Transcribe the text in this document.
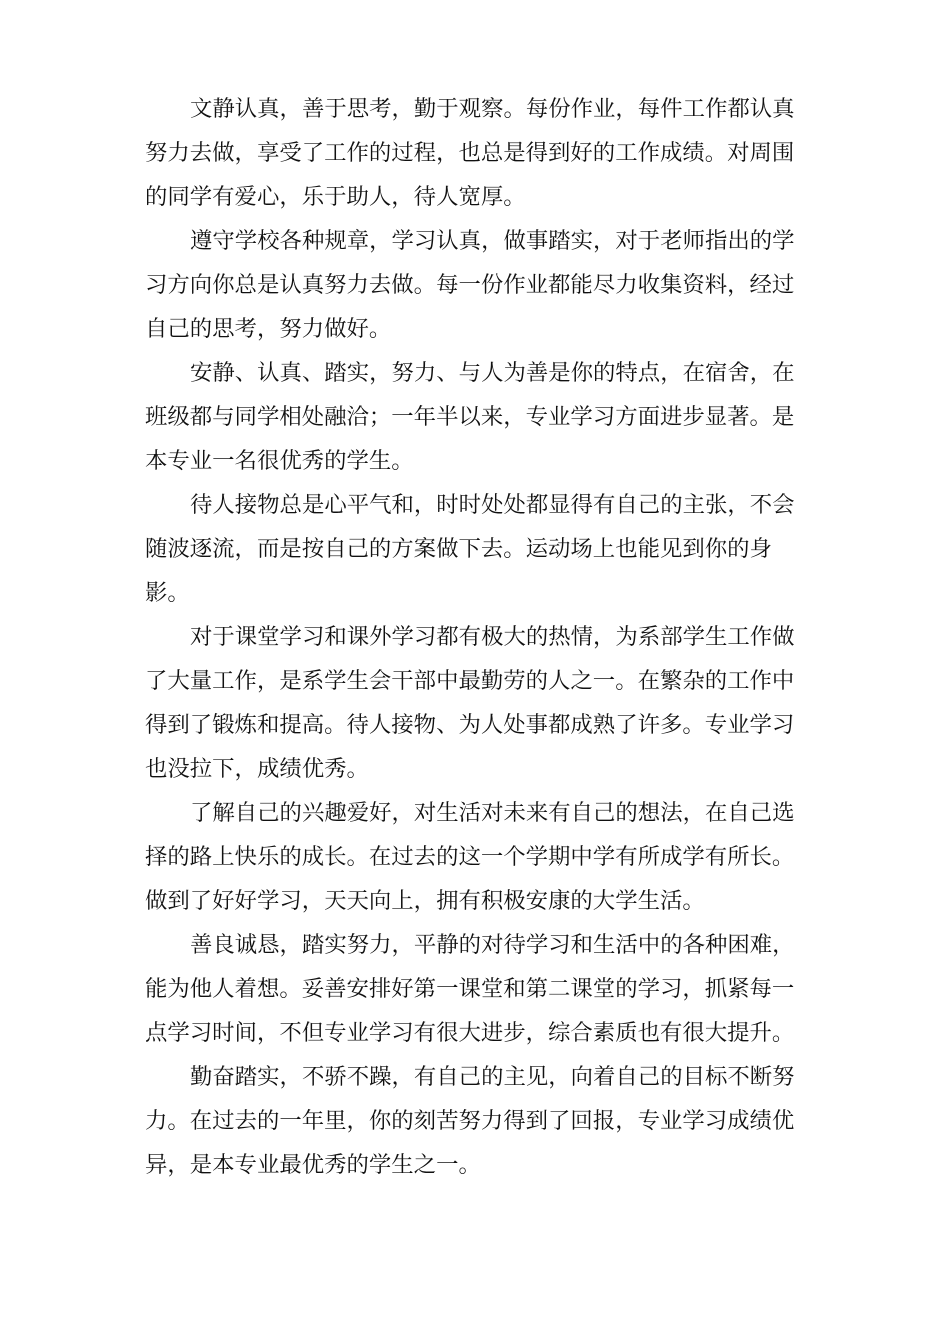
文静认真，善于思考，勤于观察。每份作业，每件工作都认真
努力去做，享受了工作的过程，也总是得到好的工作成绩。对周围
的同学有爱心，乐于助人，待人宽厚。
遵守学校各种规章，学习认真，做事踏实，对于老师指出的学
习方向你总是认真努力去做。每一份作业都能尽力收集资料，经过
自己的思考，努力做好。
安静、认真、踏实，努力、与人为善是你的特点，在宿舍，在
班级都与同学相处融洽；一年半以来，专业学习方面进步显著。是
本专业一名很优秀的学生。
待人接物总是心平气和，时时处处都显得有自己的主张，不会
随波逐流，而是按自己的方案做下去。运动场上也能见到你的身
影。
对于课堂学习和课外学习都有极大的热情，为系部学生工作做
了大量工作，是系学生会干部中最勤劳的人之一。在繁杂的工作中
得到了锻炼和提高。待人接物、为人处事都成熟了许多。专业学习
也没拉下，成绩优秀。
了解自己的兴趣爱好，对生活对未来有自己的想法，在自己选
择的路上快乐的成长。在过去的这一个学期中学有所成学有所长。
做到了好好学习，天天向上，拥有积极安康的大学生活。
善良诚恳，踏实努力，平静的对待学习和生活中的各种困难，
能为他人着想。妥善安排好第一课堂和第二课堂的学习，抓紧每一
点学习时间，不但专业学习有很大进步，综合素质也有很大提升。
勤奋踏实，不骄不躁，有自己的主见，向着自己的目标不断努
力。在过去的一年里，你的刻苦努力得到了回报，专业学习成绩优
异，是本专业最优秀的学生之一。
